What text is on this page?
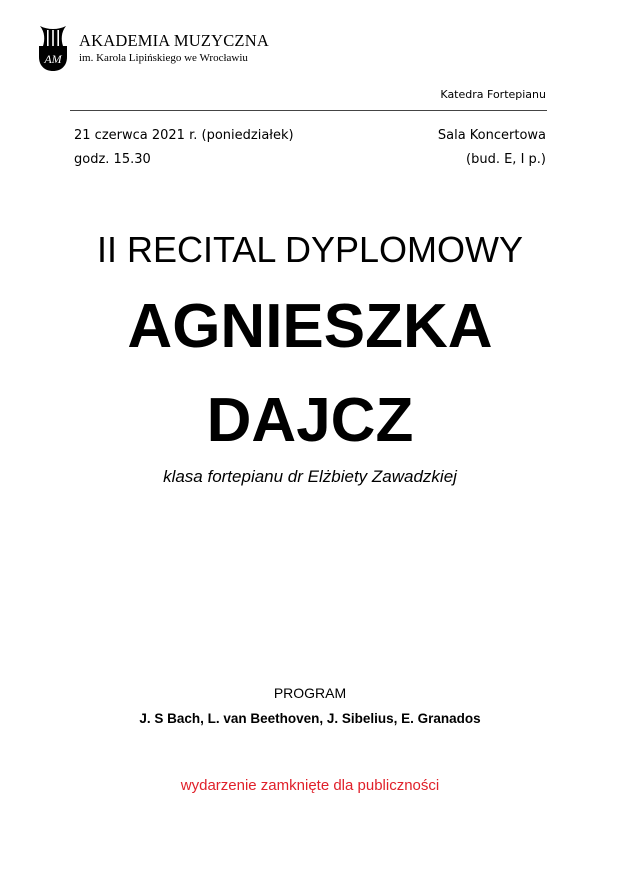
AM
AKADEMIA MUZYCZNA
im. Karola Lipińskiego we Wrocławiu
Katedra Fortepianu
21 czerwca 2021 r. (poniedziałek)
godz. 15.30
Sala Koncertowa
(bud. E, I p.)
II RECITAL DYPLOMOWY
AGNIESZKA
DAJCZ
klasa fortepianu dr Elżbiety Zawadzkiej
PROGRAM
J. S Bach, L. van Beethoven, J. Sibelius, E. Granados
wydarzenie zamknięte dla publiczności
